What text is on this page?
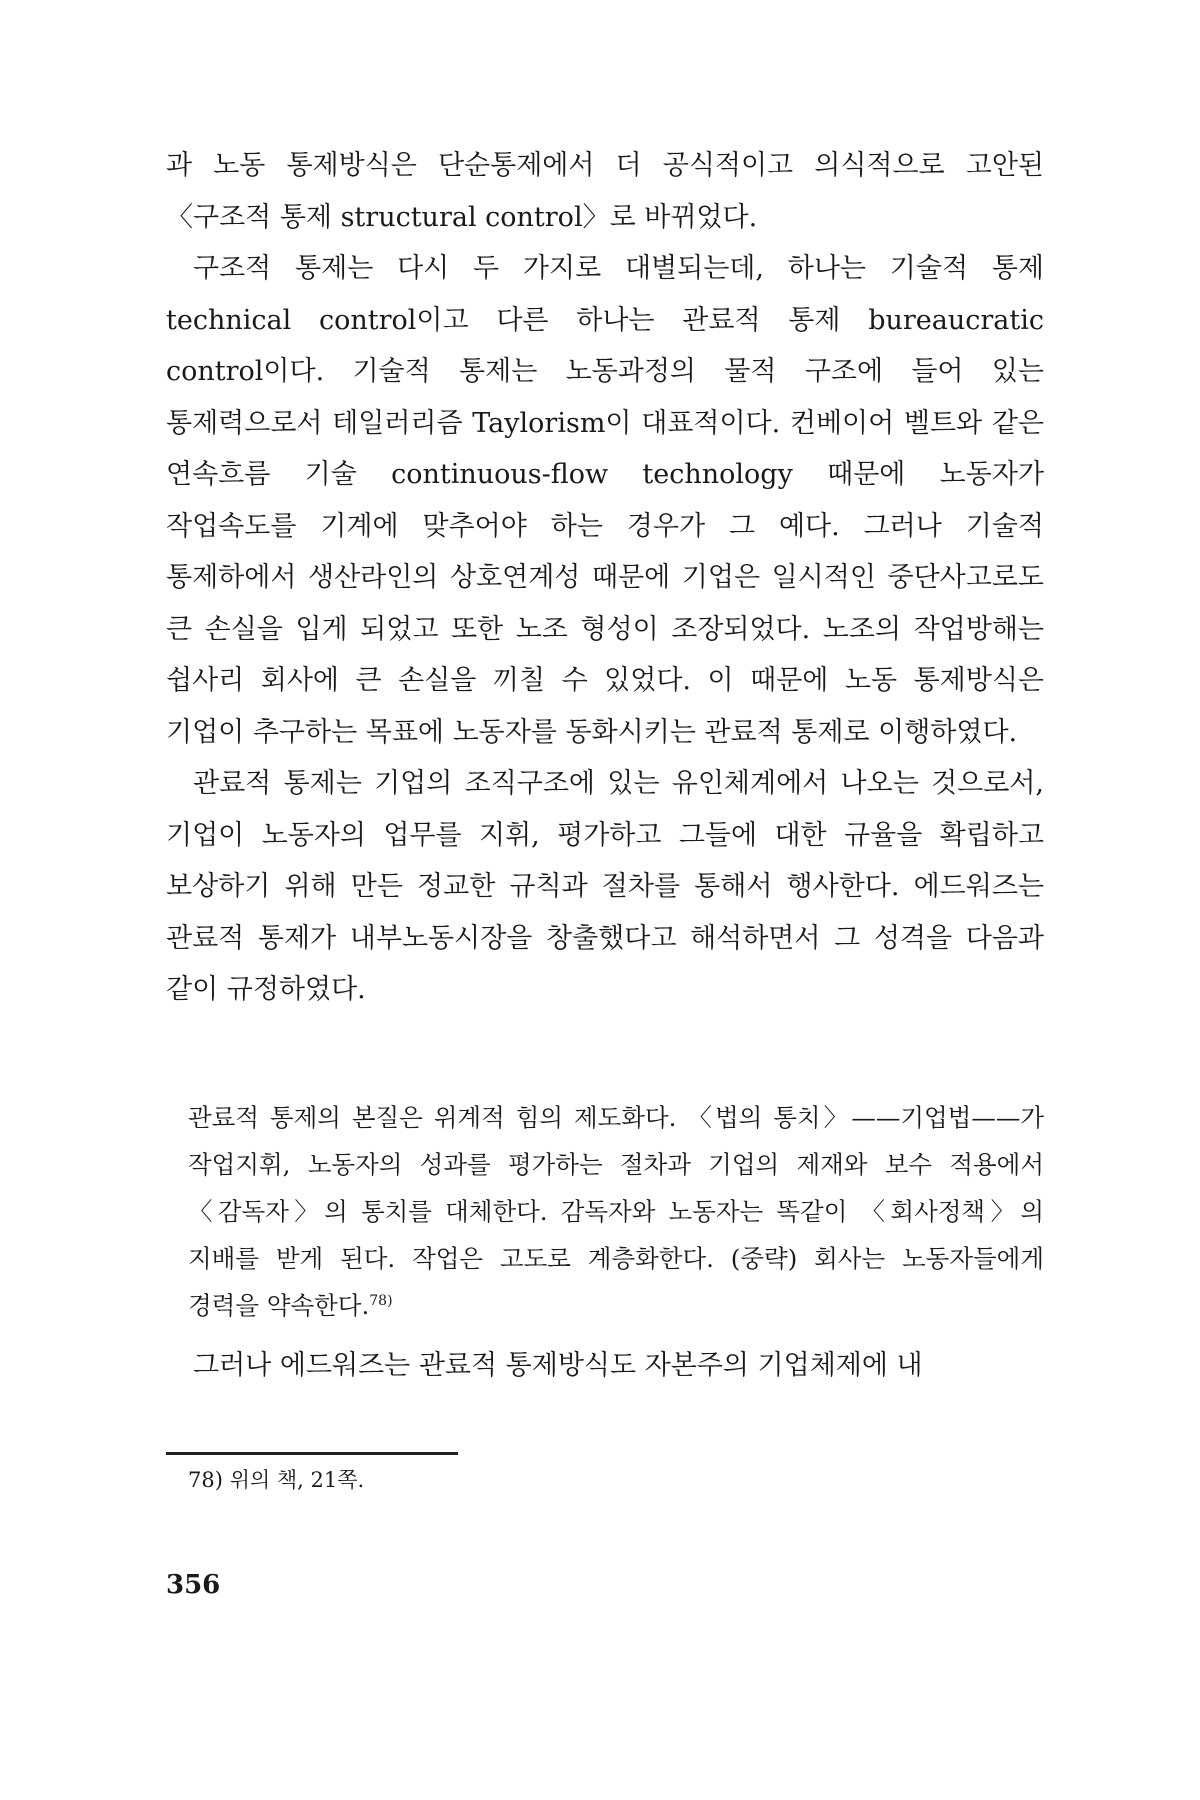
과 노동 통제방식은 단순통제에서 더 공식적이고 의식적으로 고안된 〈구조적 통제 structural control〉로 바뀌었다.

구조적 통제는 다시 두 가지로 대별되는데, 하나는 기술적 통제 technical control이고 다른 하나는 관료적 통제 bureaucratic control이다. 기술적 통제는 노동과정의 물적 구조에 들어 있는 통제력으로서 테일러리즘 Taylorism이 대표적이다. 컨베이어 벨트와 같은 연속흐름 기술 continuous-flow technology 때문에 노동자가 작업속도를 기계에 맞추어야 하는 경우가 그 예다. 그러나 기술적 통제하에서 생산라인의 상호연계성 때문에 기업은 일시적인 중단사고로도 큰 손실을 입게 되었고 또한 노조 형성이 조장되었다. 노조의 작업방해는 쉽사리 회사에 큰 손실을 끼칠 수 있었다. 이 때문에 노동 통제방식은 기업이 추구하는 목표에 노동자를 동화시키는 관료적 통제로 이행하였다.

관료적 통제는 기업의 조직구조에 있는 유인체계에서 나오는 것으로서, 기업이 노동자의 업무를 지휘, 평가하고 그들에 대한 규율을 확립하고 보상하기 위해 만든 정교한 규칙과 절차를 통해서 행사한다. 에드워즈는 관료적 통제가 내부노동시장을 창출했다고 해석하면서 그 성격을 다음과 같이 규정하였다.

관료적 통제의 본질은 위계적 힘의 제도화다. 〈법의 통치〉——기업법——가 작업지휘, 노동자의 성과를 평가하는 절차과 기업의 제재와 보수 적용에서 〈감독자〉의 통치를 대체한다. 감독자와 노동자는 똑같이 〈회사정책〉의 지배를 받게 된다. 작업은 고도로 계층화한다. (중략) 회사는 노동자들에게 경력을 약속한다.$^{78)}$

그러나 에드워즈는 관료적 통제방식도 자본주의 기업체제에 내

78) 위의 책, 21쪽.
356
